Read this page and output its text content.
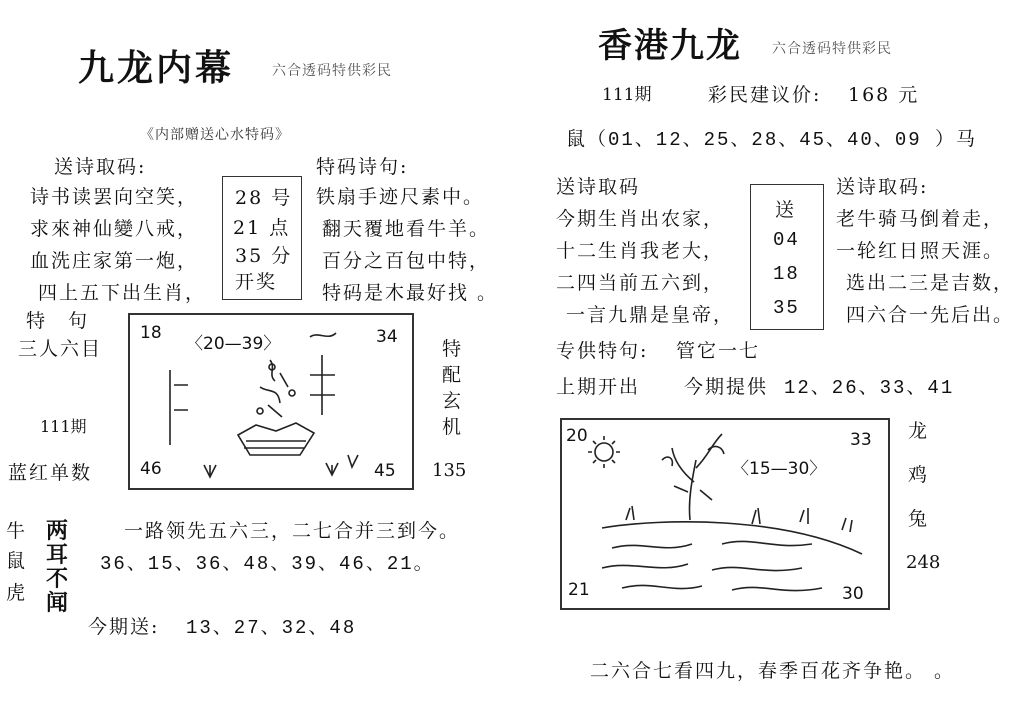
九龙内幕	六合透码特供彩民
《内部赠送心水特码》
送诗取码:
诗书读罢向空笑，
求來神仙變八戒，
血洗庄家第一炮，
四上五下出生肖，
28 号
21 点
35 分
开奖
特码诗句:
铁扇手迹尺素中。
翻天覆地看牛羊。
百分之百包中特，
特码是木最好找 。
特　句
三人六目
111期
蓝红单数
18	34
46	45
〈20—39〉	特
配
玄
机
135
牛
鼠
虎
两
耳
不
闻
一路领先五六三，二七合并三到今。
36、15、36、48、39、46、21。
今期送: 13、27、32、48
香港九龙 六合透码特供彩民
111期	彩民建议价: 168 元
鼠（01、12、25、28、45、40、09 ）马
送诗取码
今期生肖出农家，
十二生肖我老大，
二四当前五六到，
一言九鼎是皇帝，
送
04
18
35
送诗取码:
老牛骑马倒着走，
一轮红日照天涯。
选出二三是吉数，
四六合一先后出。
专供特句: 管它一七
上期开出 今期提供 12、26、33、41
20	33
21	30
〈15—30〉
龙
鸡
兔
248
二六合七看四九，春季百花齐争艳。 。
